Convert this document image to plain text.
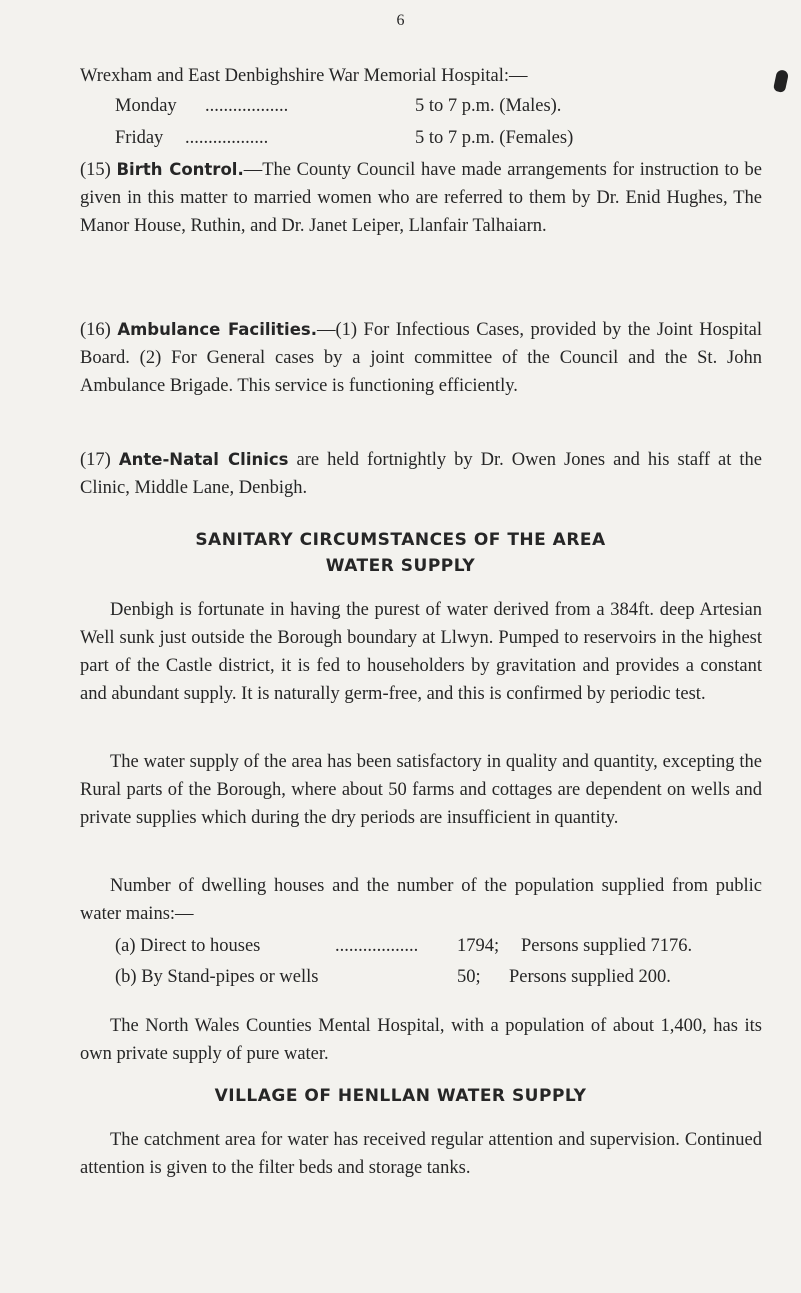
6
Wrexham and East Denbighshire War Memorial Hospital:—
Monday	..................	5 to 7 p.m. (Males).
Friday	..................	5 to 7 p.m. (Females)
(15) Birth Control.—The County Council have made arrangements for instruction to be given in this matter to married women who are referred to them by Dr. Enid Hughes, The Manor House, Ruthin, and Dr. Janet Leiper, Llanfair Talhaiarn.
(16) Ambulance Facilities.—(1) For Infectious Cases, provided by the Joint Hospital Board. (2) For General cases by a joint committee of the Council and the St. John Ambulance Brigade. This service is functioning efficiently.
(17) Ante-Natal Clinics are held fortnightly by Dr. Owen Jones and his staff at the Clinic, Middle Lane, Denbigh.
SANITARY CIRCUMSTANCES OF THE AREA
WATER SUPPLY
Denbigh is fortunate in having the purest of water derived from a 384ft. deep Artesian Well sunk just outside the Borough boundary at Llwyn. Pumped to reservoirs in the highest part of the Castle district, it is fed to householders by gravitation and provides a constant and abundant supply. It is naturally germ-free, and this is confirmed by periodic test.
The water supply of the area has been satisfactory in quality and quantity, excepting the Rural parts of the Borough, where about 50 farms and cottages are dependent on wells and private supplies which during the dry periods are insufficient in quantity.
Number of dwelling houses and the number of the population supplied from public water mains:—
(a) Direct to houses	..................	1794;	Persons supplied 7176.
(b) By Stand-pipes or wells	50;	Persons supplied 200.
The North Wales Counties Mental Hospital, with a population of about 1,400, has its own private supply of pure water.
VILLAGE OF HENLLAN WATER SUPPLY
The catchment area for water has received regular attention and supervision. Continued attention is given to the filter beds and storage tanks.
